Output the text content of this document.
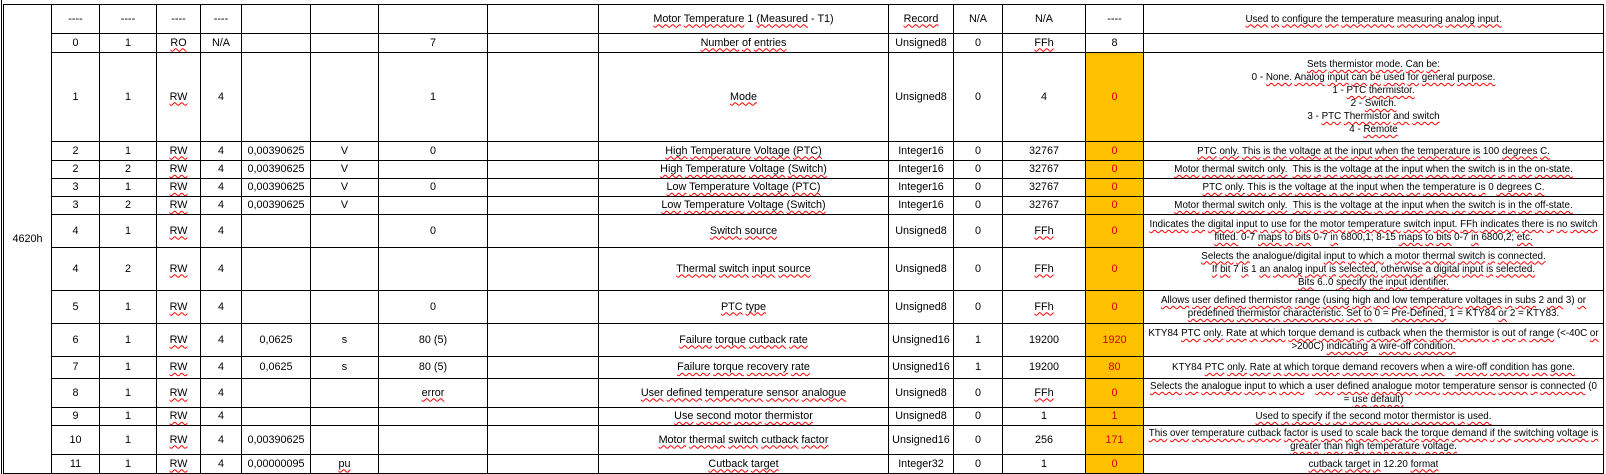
4620h	----	----	----	----					Motor Temperature 1 (Measured - T1)	Record	N/A	N/A	----	Used to configure the temperature measuring analog input.
	0	1	RO	N/A			7		Number of entries	Unsigned8	0	FFh	8	
1	1	RW	4			1		Mode	Unsigned8	0	4	0	Sets thermistor mode. Can be:
0 - None. Analog input can be used for general purpose.
1 - PTC thermistor.
2 - Switch.
3 - PTC Thermistor and switch
4 - Remote
	2	1	RW	4	0,00390625	V	0		High Temperature Voltage (PTC)	Integer16	0	32767	0	PTC only. This is the voltage at the input when the temperature is 100 degrees C.
	2	2	RW	4	0,00390625	V			High Temperature Voltage (Switch)	Integer16	0	32767	0	Motor thermal switch only. This is the voltage at the input when the switch is in the on-state.
	3	1	RW	4	0,00390625	V	0		Low Temperature Voltage (PTC)	Integer16	0	32767	0	PTC only. This is the voltage at the input when the temperature is 0 degrees C.
	3	2	RW	4	0,00390625	V			Low Temperature Voltage (Switch)	Integer16	0	32767	0	Motor thermal switch only. This is the voltage at the input when the switch is in the off-state.
	4	1	RW	4			0		Switch source	Unsigned8	0	FFh	0	Indicates the digital input to use for the motor temperature switch input. FFh indicates there is no switch fitted. 0-7 maps to bits 0-7 in 6800,1; 8-15 maps to bits 0-7 in 6800,2; etc.
	4	2	RW	4					Thermal switch input source	Unsigned8	0	FFh	0	Selects the analogue/digital input to which a motor thermal switch is connected.
If bit 7 is 1 an analog input is selected, otherwise a digital input is selected.
Bits 6..0 specify the input identifier.
	5	1	RW	4			0		PTC type	Unsigned8	0	FFh	0	Allows user defined thermistor range (using high and low temperature voltages in subs 2 and 3) or predefined thermistor characteristic. Set to 0 = Pre-Defined, 1 = KTY84 or 2 = KTY83.
	6	1	RW	4	0,0625	s	80 (5)		Failure torque cutback rate	Unsigned16	1	19200	1920	KTY84 PTC only. Rate at which torque demand is cutback when the thermistor is out of range (<-40C or >200C) indicating a wire-off condition.
	7	1	RW	4	0,0625	s	80 (5)		Failure torque recovery rate	Unsigned16	1	19200	80	KTY84 PTC only. Rate at which torque demand recovers when a wire-off condition has gone.
	8	1	RW	4			error		User defined temperature sensor analogue	Unsigned8	0	FFh	0	Selects the analogue input to which a user defined analogue motor temperature sensor is connected (0 = use default)
	9	1	RW	4					Use second motor thermistor	Unsigned8	0	1	1	Used to specify if the second motor thermistor is used.
	10	1	RW	4	0,00390625				Motor thermal switch cutback factor	Unsigned16	0	256	171	This over temperature cutback factor is used to scale back the torque demand if the switching voltage is greater than high temperature voltage.
	11	1	RW	4	0,00000095	pu			Cutback target	Integer32	0	1	0	cutback target in 12.20 format
